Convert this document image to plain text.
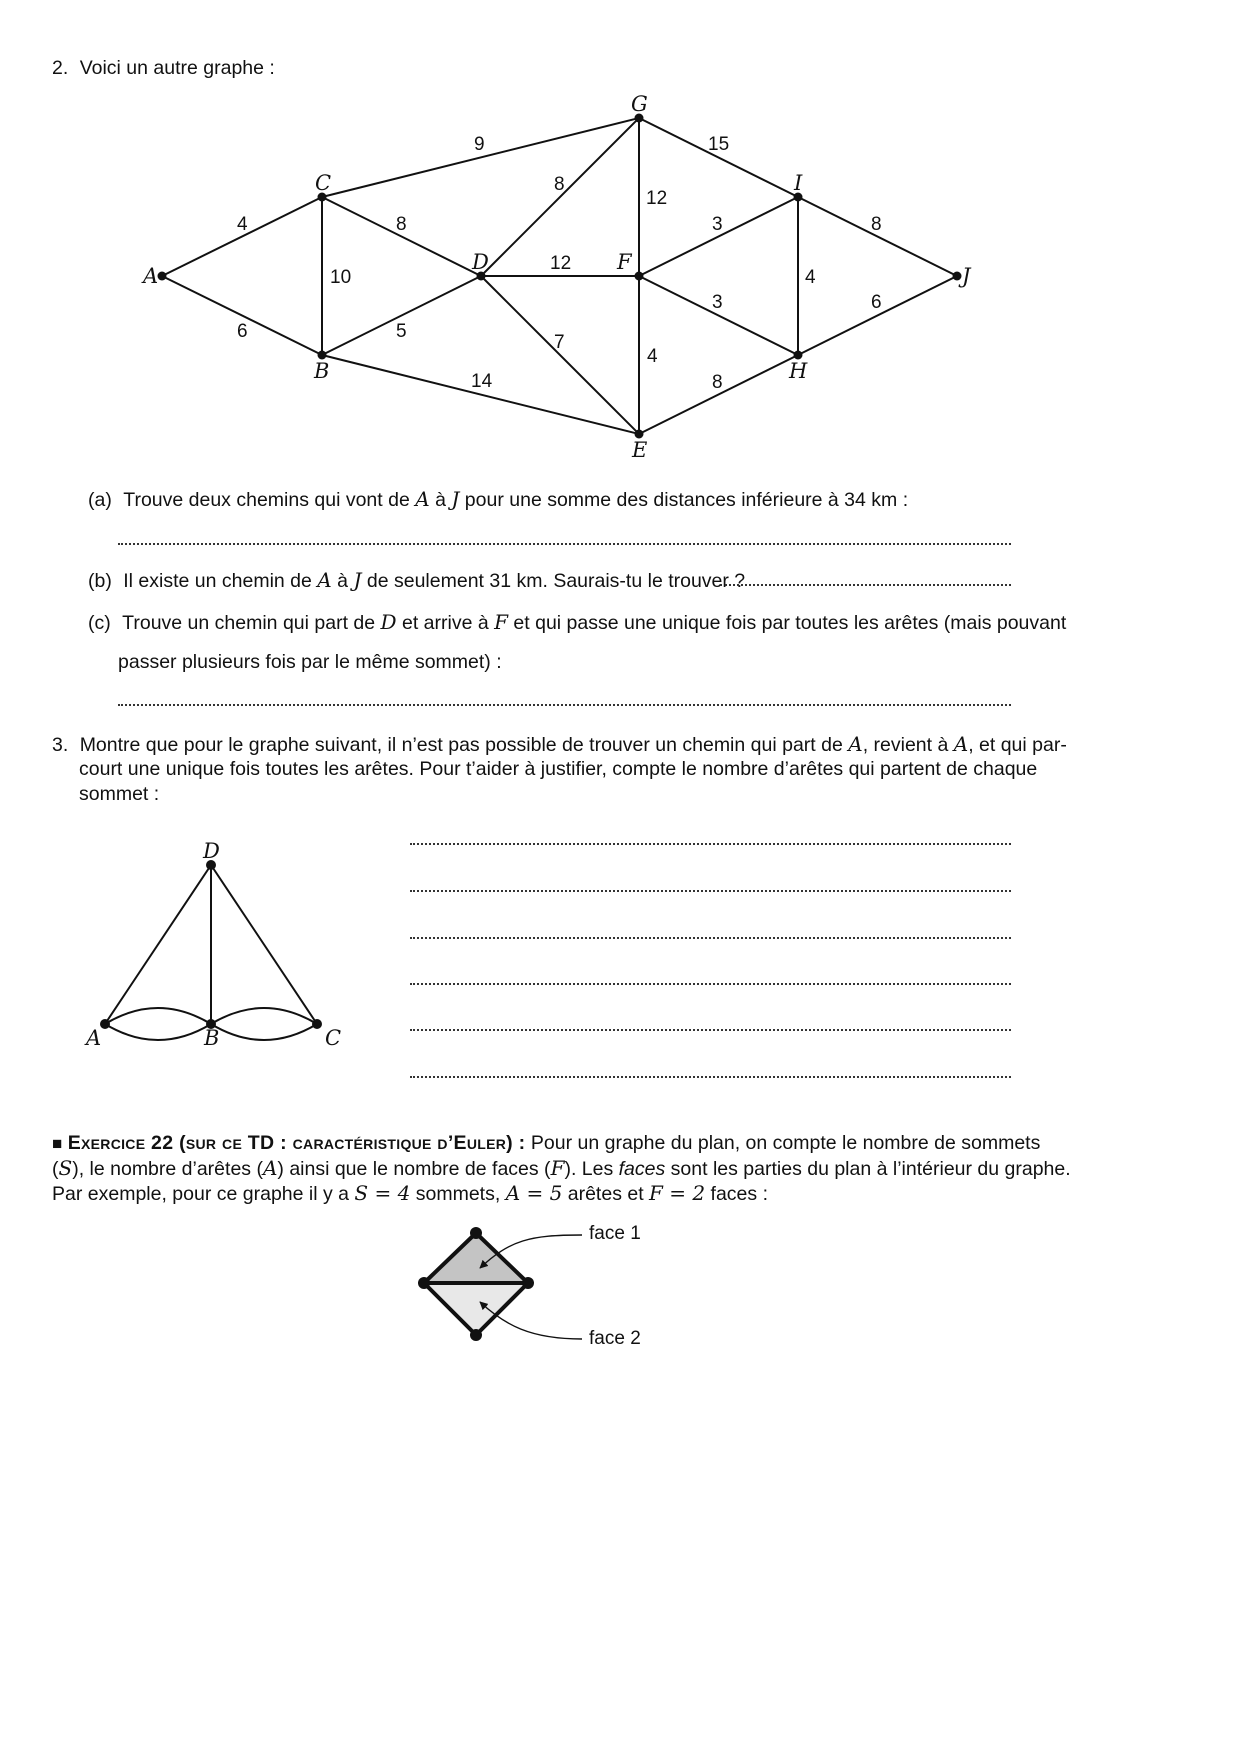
2. Voici un autre graphe :
A
B
C
D
E
F
G
H
I
J
4
6
9
10
8
5
14
8
12
7
12
15
3
3
4
8
4
8
6
(a) Trouve deux chemins qui vont de A à J pour une somme des distances inférieure à 34 km :
(b) Il existe un chemin de A à J de seulement 31 km. Saurais-tu le trouver ?
(c) Trouve un chemin qui part de D et arrive à F et qui passe une unique fois par toutes les arêtes (mais pouvant
passer plusieurs fois par le même sommet) :
3. Montre que pour le graphe suivant, il n’est pas possible de trouver un chemin qui part de A, revient à A, et qui par-
court une unique fois toutes les arêtes. Pour t’aider à justifier, compte le nombre d’arêtes qui partent de chaque
sommet :
A	B	C
D
■ Exercice 22 (sur ce TD : caractéristique d’Euler) : Pour un graphe du plan, on compte le nombre de sommets
(S), le nombre d’arêtes (A) ainsi que le nombre de faces (F). Les faces sont les parties du plan à l’intérieur du graphe.
Par exemple, pour ce graphe il y a S = 4 sommets, A = 5 arêtes et F = 2 faces :
face 1
face 2
